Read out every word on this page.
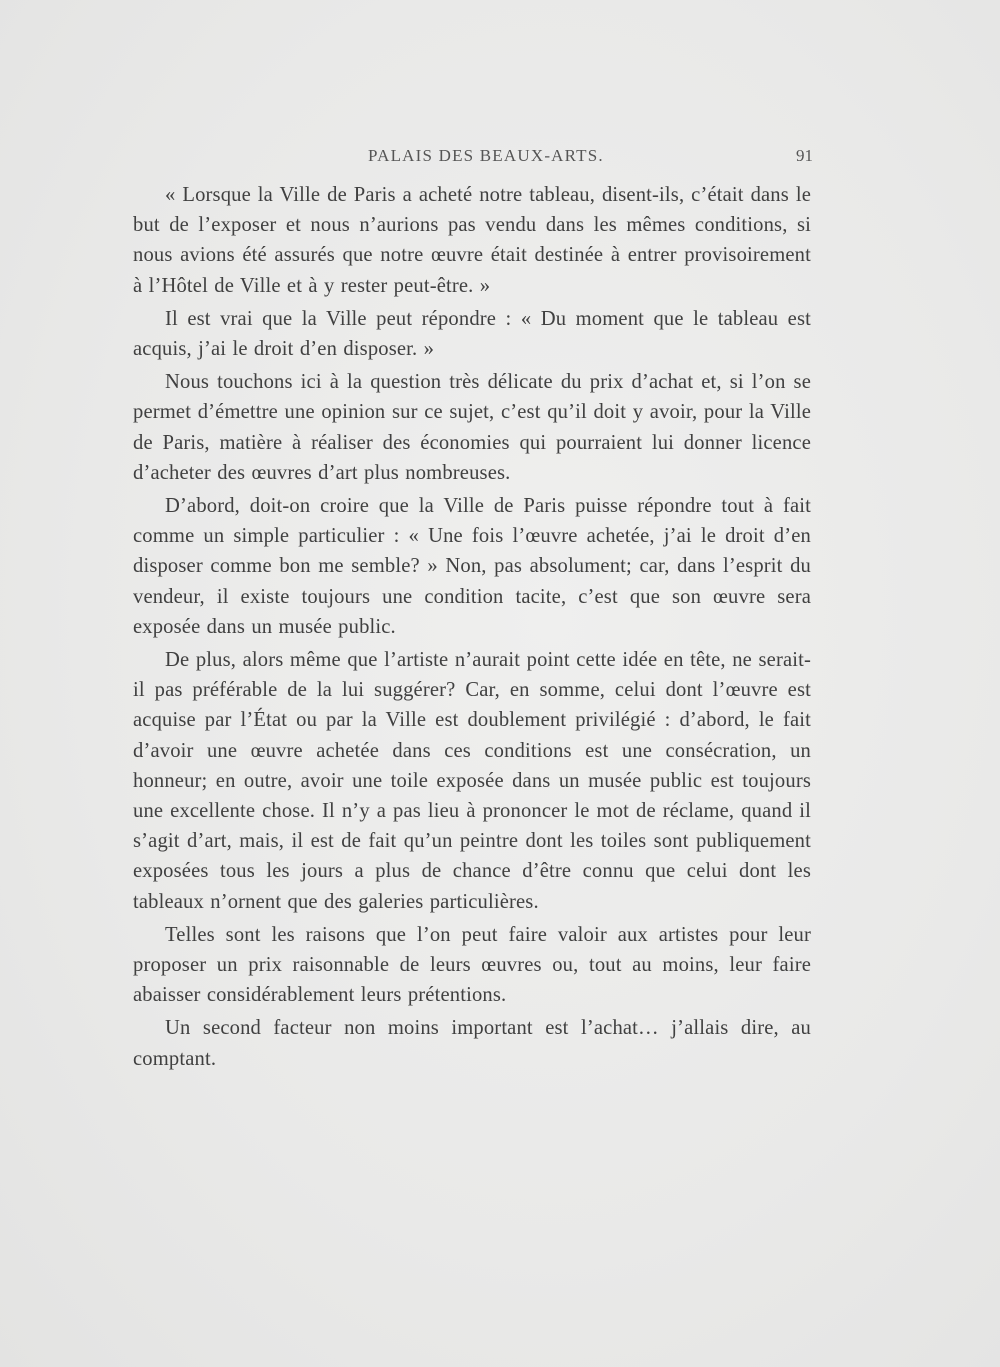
PALAIS DES BEAUX-ARTS.	91

« Lorsque la Ville de Paris a acheté notre tableau, disent-ils, c’était dans le but de l’exposer et nous n’aurions pas vendu dans les mêmes conditions, si nous avions été assurés que notre œuvre était destinée à entrer provisoirement à l’Hôtel de Ville et à y rester peut-être. »

Il est vrai que la Ville peut répondre : « Du moment que le tableau est acquis, j’ai le droit d’en disposer. »

Nous touchons ici à la question très délicate du prix d’achat et, si l’on se permet d’émettre une opinion sur ce sujet, c’est qu’il doit y avoir, pour la Ville de Paris, matière à réaliser des économies qui pourraient lui donner licence d’acheter des œuvres d’art plus nombreuses.

D’abord, doit-on croire que la Ville de Paris puisse répondre tout à fait comme un simple particulier : « Une fois l’œuvre achetée, j’ai le droit d’en disposer comme bon me semble? » Non, pas absolument; car, dans l’esprit du vendeur, il existe toujours une condition tacite, c’est que son œuvre sera exposée dans un musée public.

De plus, alors même que l’artiste n’aurait point cette idée en tête, ne serait-il pas préférable de la lui suggérer? Car, en somme, celui dont l’œuvre est acquise par l’État ou par la Ville est doublement privilégié : d’abord, le fait d’avoir une œuvre achetée dans ces conditions est une consécration, un honneur; en outre, avoir une toile exposée dans un musée public est toujours une excellente chose. Il n’y a pas lieu à prononcer le mot de réclame, quand il s’agit d’art, mais, il est de fait qu’un peintre dont les toiles sont publiquement exposées tous les jours a plus de chance d’être connu que celui dont les tableaux n’ornent que des galeries particulières.

Telles sont les raisons que l’on peut faire valoir aux artistes pour leur proposer un prix raisonnable de leurs œuvres ou, tout au moins, leur faire abaisser considérablement leurs prétentions.

Un second facteur non moins important est l’achat… j’allais dire, au comptant.
